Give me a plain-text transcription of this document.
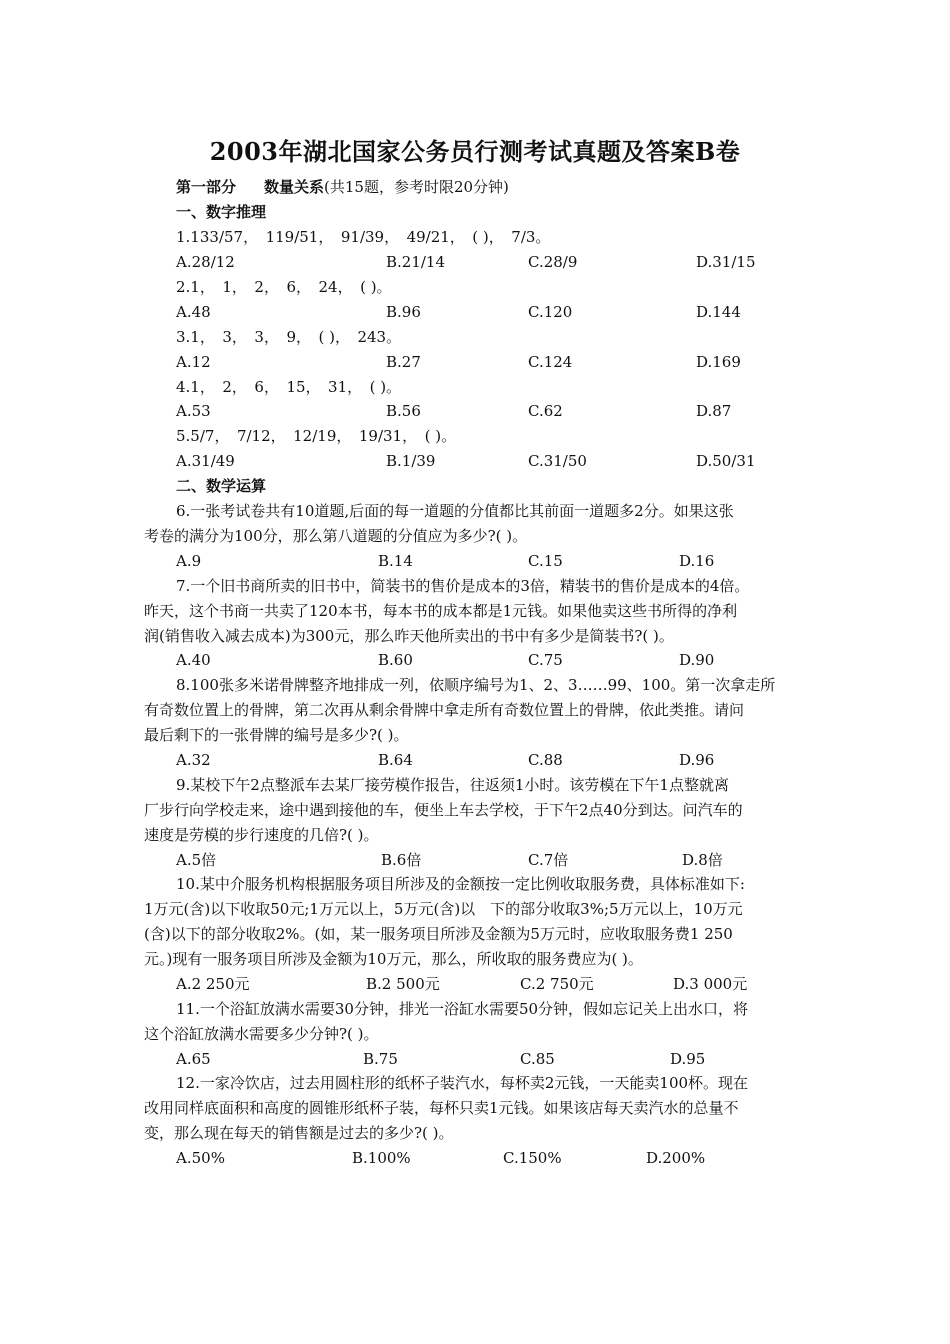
2003年湖北国家公务员行测考试真题及答案B卷
第一部分 数量关系(共15题，参考时限20分钟)
一、数字推理
1.133/57，　119/51，　91/39，　49/21，　( )，　7/3。
A.28/12	B.21/14	C.28/9	D.31/15
2.1，　1，　2，　6，　24，　( )。
A.48	B.96	C.120	D.144
3.1，　3，　3，　9，　( )，　243。
A.12	B.27	C.124	D.169
4.1，　2，　6，　15，　31，　( )。
A.53	B.56	C.62	D.87
5.5/7，　7/12，　12/19，　19/31，　( )。
A.31/49	B.1/39	C.31/50	D.50/31
二、数学运算
6.一张考试卷共有10道题,后面的每一道题的分值都比其前面一道题多2分。如果这张
考卷的满分为100分，那么第八道题的分值应为多少?( )。
A.9	B.14	C.15	D.16
7.一个旧书商所卖的旧书中，简装书的售价是成本的3倍，精装书的售价是成本的4倍。
昨天，这个书商一共卖了120本书，每本书的成本都是1元钱。如果他卖这些书所得的净利
润(销售收入减去成本)为300元，那么昨天他所卖出的书中有多少是简装书?( )。
A.40	B.60	C.75	D.90
8.100张多米诺骨牌整齐地排成一列，依顺序编号为1、2、3……99、100。第一次拿走所
有奇数位置上的骨牌，第二次再从剩余骨牌中拿走所有奇数位置上的骨牌，依此类推。请问
最后剩下的一张骨牌的编号是多少?( )。
A.32	B.64	C.88	D.96
9.某校下午2点整派车去某厂接劳模作报告，往返须1小时。该劳模在下午1点整就离
厂步行向学校走来，途中遇到接他的车，便坐上车去学校，于下午2点40分到达。问汽车的
速度是劳模的步行速度的几倍?( )。
A.5倍	B.6倍	C.7倍	D.8倍
10.某中介服务机构根据服务项目所涉及的金额按一定比例收取服务费，具体标准如下:
1万元(含)以下收取50元;1万元以上，5万元(含)以　下的部分收取3%;5万元以上，10万元
(含)以下的部分收取2%。(如，某一服务项目所涉及金额为5万元时，应收取服务费1 250
元。)现有一服务项目所涉及金额为10万元，那么，所收取的服务费应为( )。
A.2 250元	B.2 500元	C.2 750元	D.3 000元
11.一个浴缸放满水需要30分钟，排光一浴缸水需要50分钟，假如忘记关上出水口，将
这个浴缸放满水需要多少分钟?( )。
A.65	B.75	C.85	D.95
12.一家冷饮店，过去用圆柱形的纸杯子装汽水，每杯卖2元钱，一天能卖100杯。现在
改用同样底面积和高度的圆锥形纸杯子装，每杯只卖1元钱。如果该店每天卖汽水的总量不
变，那么现在每天的销售额是过去的多少?( )。
A.50%	B.100%	C.150%	D.200%
